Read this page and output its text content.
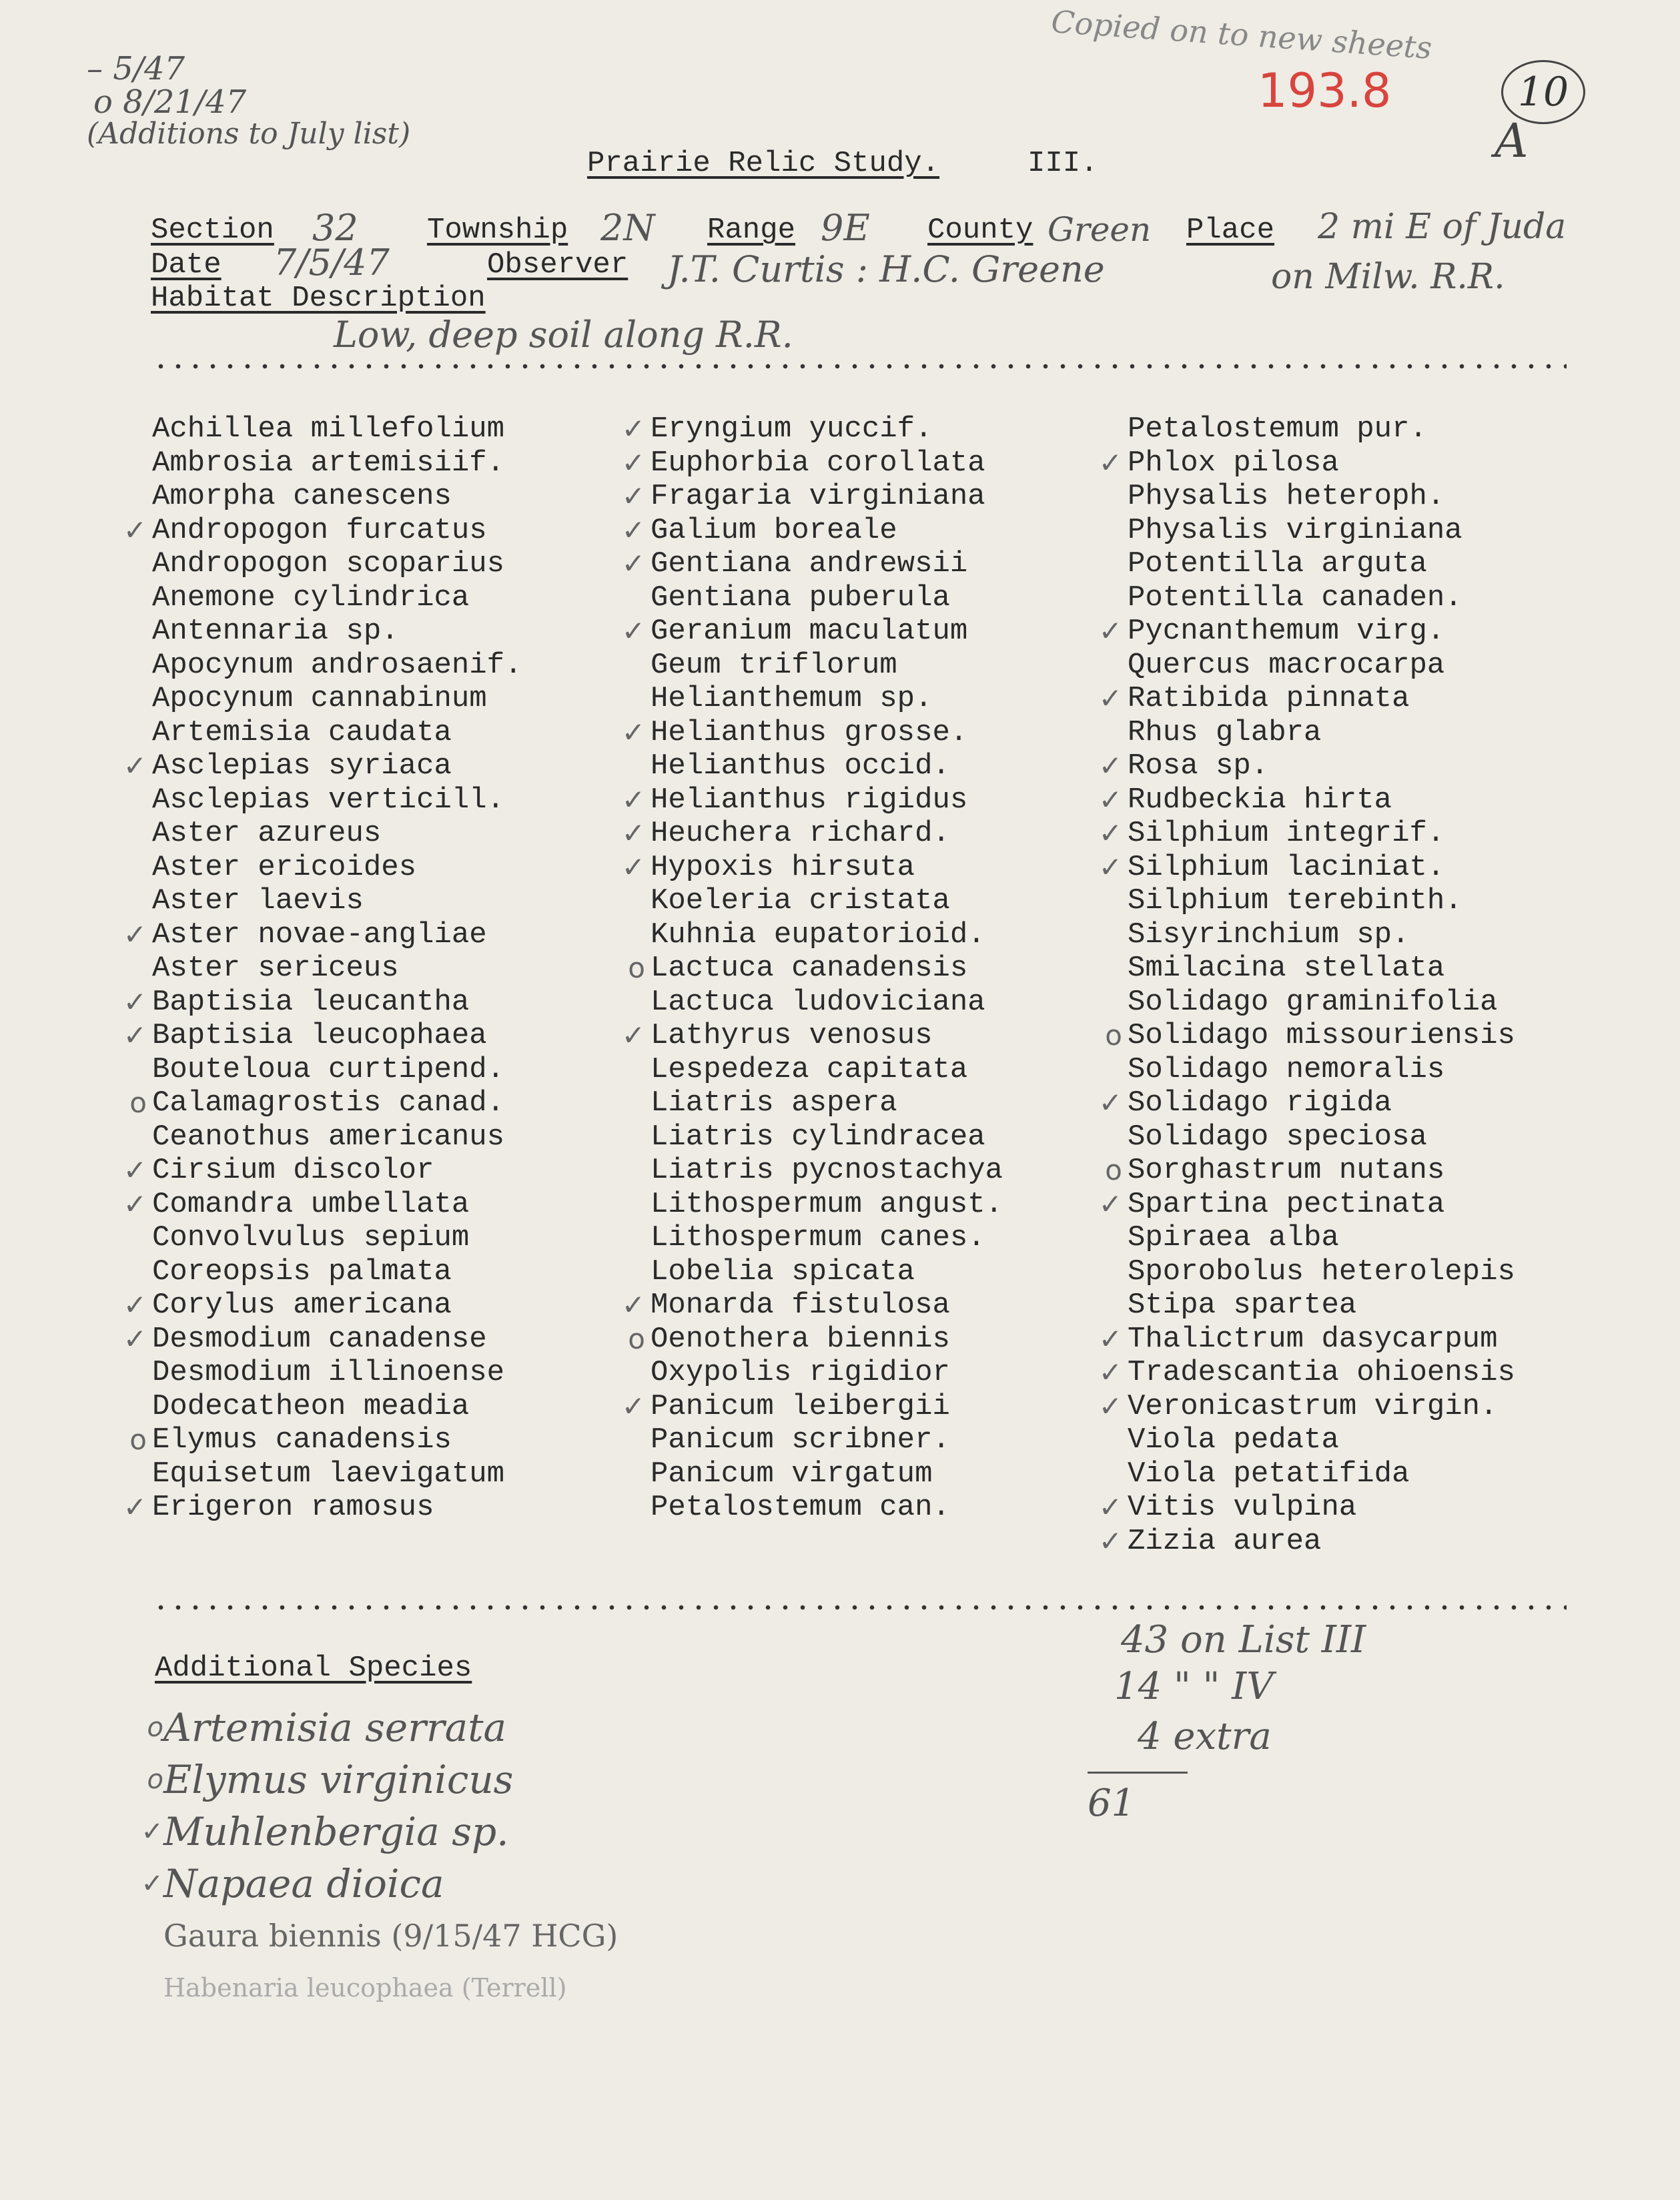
– 5/47
o 8/21/47
(Additions to July list)
Copied on to new sheets
193.8	10
A
Prairie Relic Study.	III.
Section 32 Township 2N Range 9E County Green Place 2 mi E of Juda
on Milw. R.R.
Date 7/5/47	Observer J.T. Curtis : H.C. Greene
Habitat Description
Low, deep soil along R.R.
Achillea millefolium
Ambrosia artemisiif.
Amorpha canescens
✓ Andropogon furcatus
Andropogon scoparius
Anemone cylindrica
Antennaria sp.
Apocynum androsaenif.
Apocynum cannabinum
Artemisia caudata
✓ Asclepias syriaca
Asclepias verticill.
Aster azureus
Aster ericoides
Aster laevis
✓ Aster novae-angliae
Aster sericeus
✓ Baptisia leucantha
✓ Baptisia leucophaea
Bouteloua curtipend.
o Calamagrostis canad.
Ceanothus americanus
✓ Cirsium discolor
✓ Comandra umbellata
Convolvulus sepium
Coreopsis palmata
✓ Corylus americana
✓ Desmodium canadense
Desmodium illinoense
Dodecatheon meadia
o Elymus canadensis
Equisetum laevigatum
✓ Erigeron ramosus
✓ Eryngium yuccif.
✓ Euphorbia corollata
✓ Fragaria virginiana
✓ Galium boreale
✓ Gentiana andrewsii
Gentiana puberula
✓ Geranium maculatum
Geum triflorum
Helianthemum sp.
✓ Helianthus grosse.
Helianthus occid.
✓ Helianthus rigidus
✓ Heuchera richard.
✓ Hypoxis hirsuta
Koeleria cristata
Kuhnia eupatorioid.
o Lactuca canadensis
Lactuca ludoviciana
✓ Lathyrus venosus
Lespedeza capitata
Liatris aspera
Liatris cylindracea
Liatris pycnostachya
Lithospermum angust.
Lithospermum canes.
Lobelia spicata
✓ Monarda fistulosa
o Oenothera biennis
Oxypolis rigidior
✓ Panicum leibergii
Panicum scribner.
Panicum virgatum
Petalostemum can.
Petalostemum pur.
✓ Phlox pilosa
Physalis heteroph.
Physalis virginiana
Potentilla arguta
Potentilla canaden.
✓ Pycnanthemum virg.
Quercus macrocarpa
✓ Ratibida pinnata
Rhus glabra
✓ Rosa sp.
✓ Rudbeckia hirta
✓ Silphium integrif.
✓ Silphium laciniat.
Silphium terebinth.
Sisyrinchium sp.
Smilacina stellata
Solidago graminifolia
o Solidago missouriensis
Solidago nemoralis
✓ Solidago rigida
Solidago speciosa
o Sorghastrum nutans
✓ Spartina pectinata
Spiraea alba
Sporobolus heterolepis
Stipa spartea
✓ Thalictrum dasycarpum
✓ Tradescantia ohioensis
✓ Veronicastrum virgin.
Viola pedata
Viola petatifida
✓ Vitis vulpina
✓ Zizia aurea
Additional Species
o Artemisia serrata
o Elymus virginicus
✓ Muhlenbergia sp.
✓ Napaea dioica
Gaura biennis (9/15/47 HCG)
Habenaria leucophaea (Terrell)
43 on List III
14 " " IV
4 extra
61
